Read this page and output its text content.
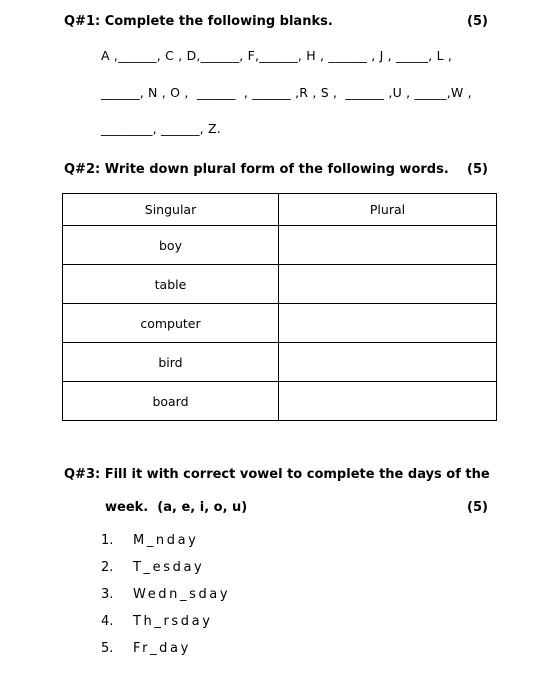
Q#1: Complete the following blanks.	(5)
A ,______, C , D,______, F,______, H , ______ , J , _____, L ,
______, N , O ,  ______  , ______ ,R , S ,  ______ ,U , _____,W ,
________, ______, Z.
Q#2: Write down plural form of the following words. (5)
Singular	Plural
boy	
table	
computer	
bird	
board	
Q#3: Fill it with correct vowel to complete the days of the
week.  (a, e, i, o, u)	(5)
1. M_nday
2. T_esday
3. Wedn_sday
4. Th_rsday
5. Fr_day
